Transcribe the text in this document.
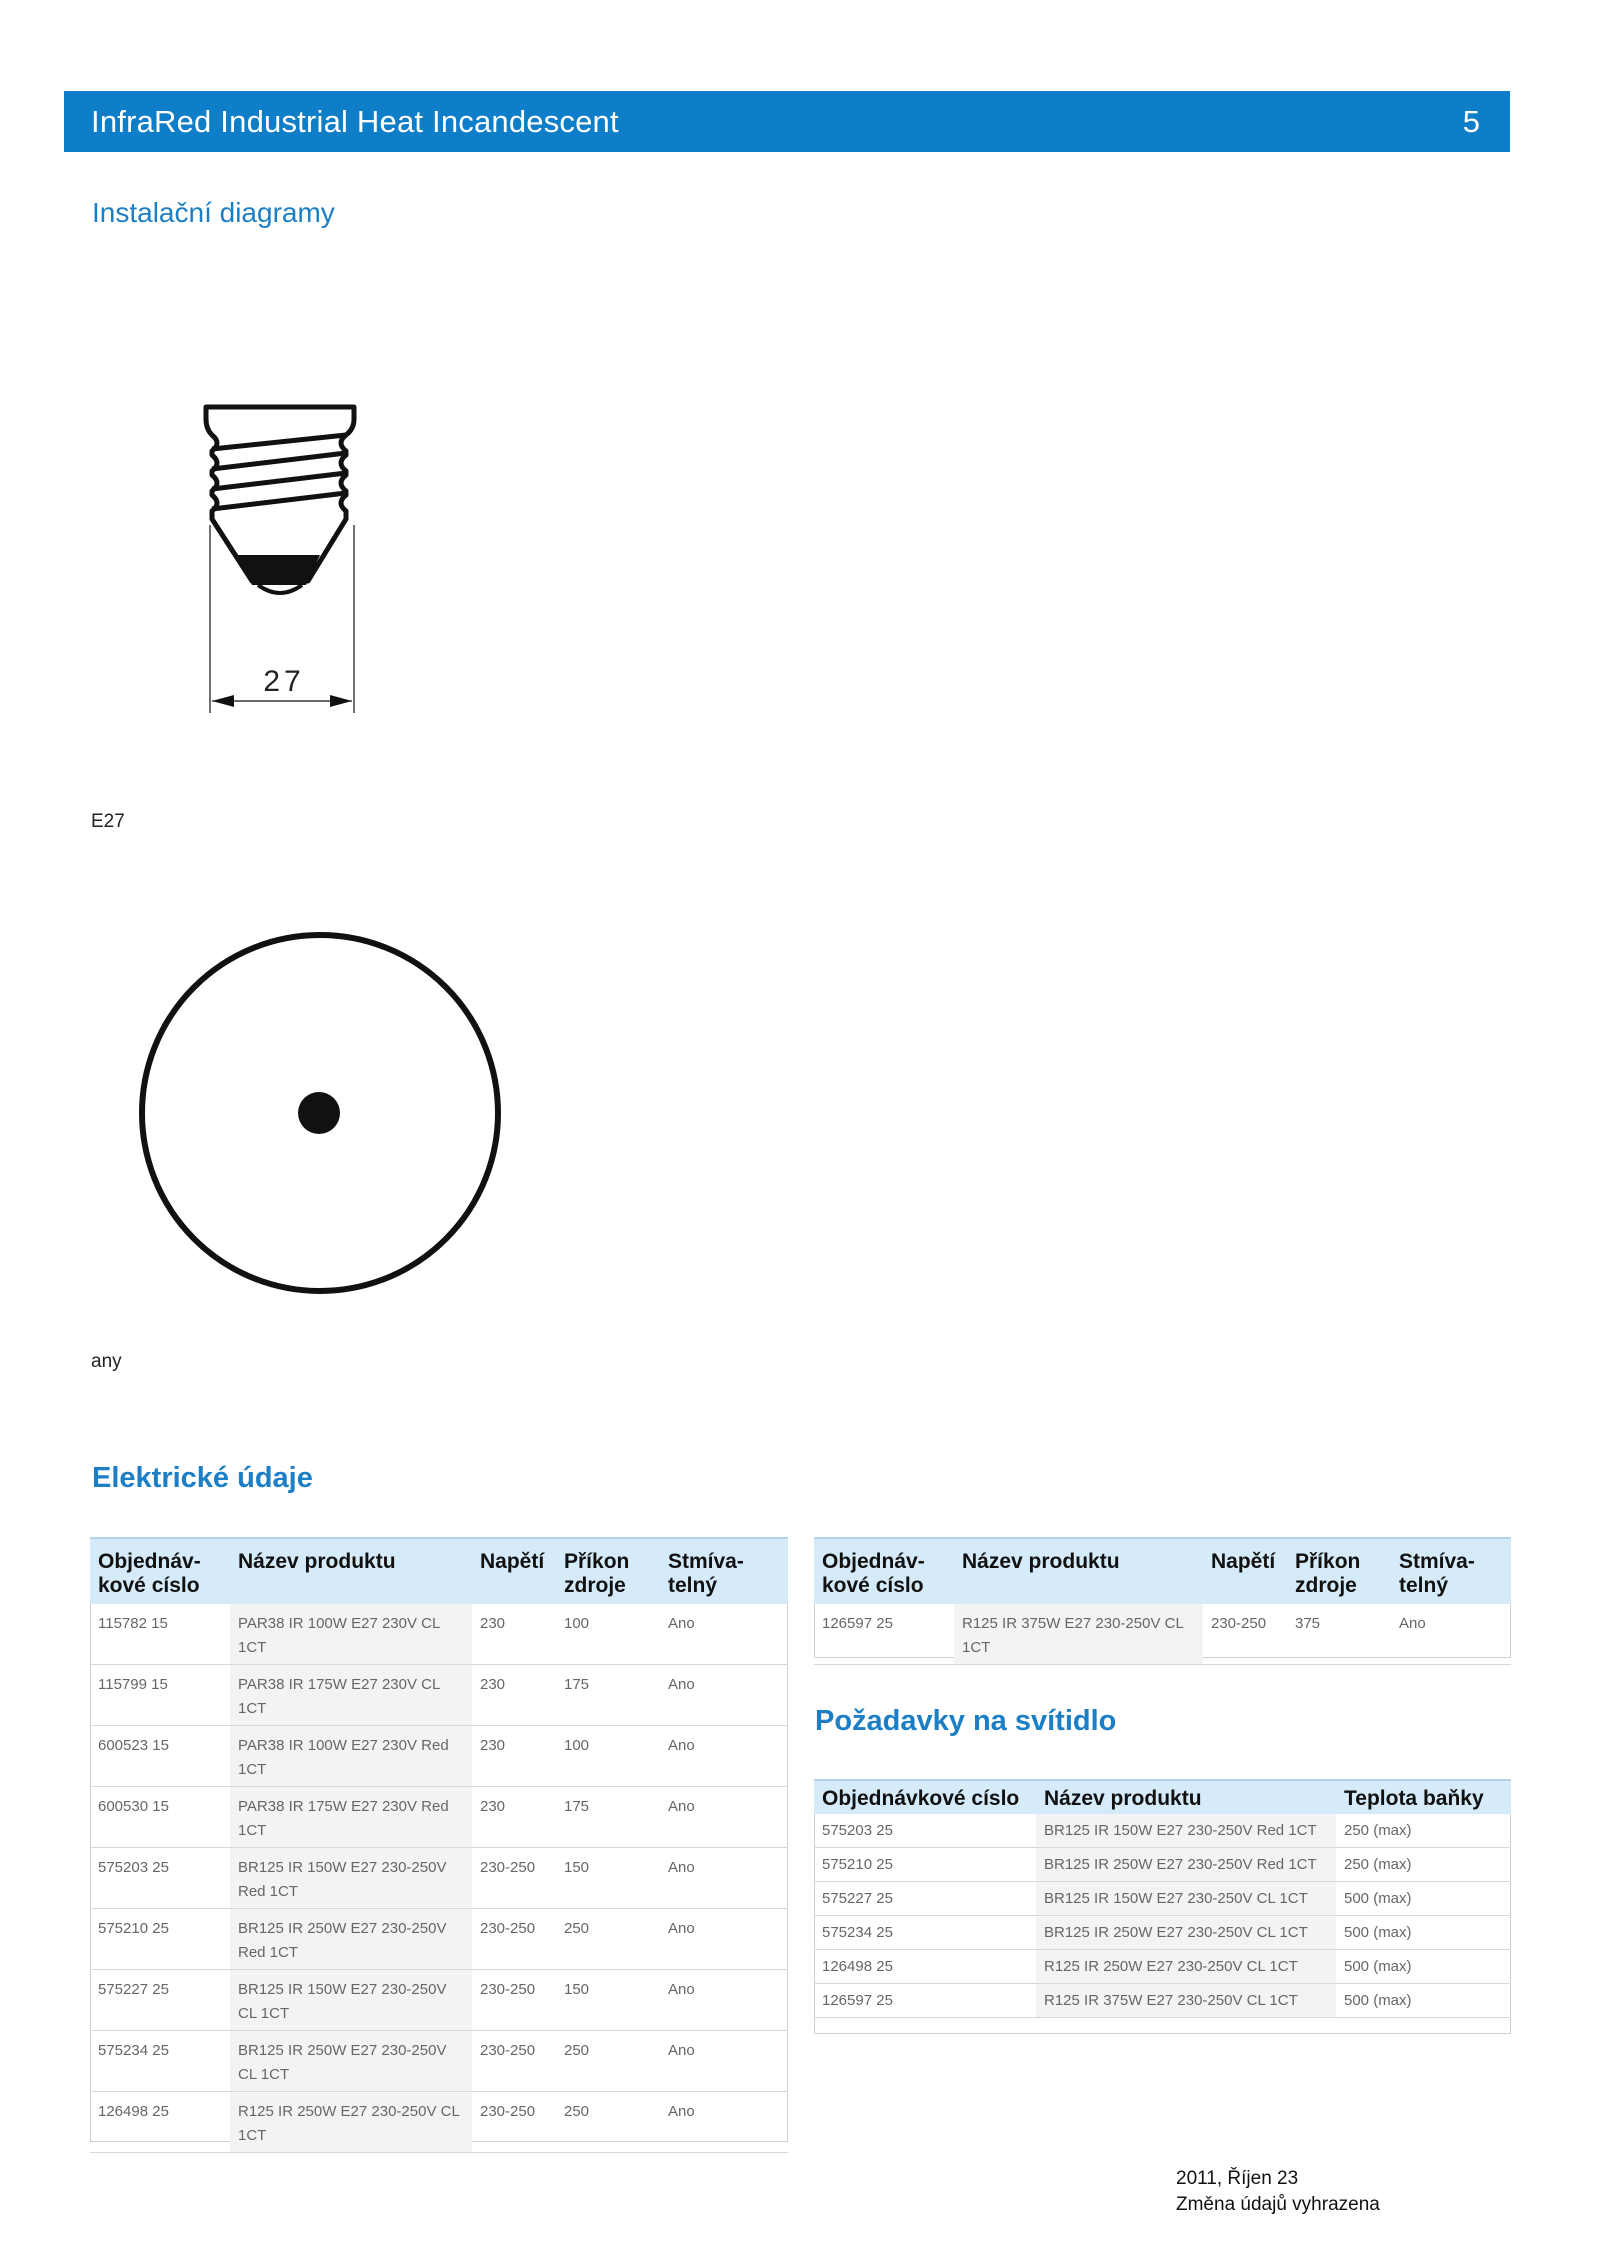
InfraRed Industrial Heat Incandescent	5
Instalační diagramy
27
E27
any
Elektrické údaje
Objednáv-kové císlo	Název produktu	Napětí	Příkon zdroje	Stmíva-telný
115782 15	PAR38 IR 100W E27 230V CL 1CT	230	100	Ano
115799 15	PAR38 IR 175W E27 230V CL 1CT	230	175	Ano
600523 15	PAR38 IR 100W E27 230V Red 1CT	230	100	Ano
600530 15	PAR38 IR 175W E27 230V Red 1CT	230	175	Ano
575203 25	BR125 IR 150W E27 230-250V Red 1CT	230-250	150	Ano
575210 25	BR125 IR 250W E27 230-250V Red 1CT	230-250	250	Ano
575227 25	BR125 IR 150W E27 230-250V CL 1CT	230-250	150	Ano
575234 25	BR125 IR 250W E27 230-250V CL 1CT	230-250	250	Ano
126498 25	R125 IR 250W E27 230-250V CL 1CT	230-250	250	Ano
Objednáv-kové císlo	Název produktu	Napětí	Příkon zdroje	Stmíva-telný
126597 25	R125 IR 375W E27 230-250V CL 1CT	230-250	375	Ano
Požadavky na svítidlo
Objednávkové císlo	Název produktu	Teplota baňky
575203 25	BR125 IR 150W E27 230-250V Red 1CT	250 (max)
575210 25	BR125 IR 250W E27 230-250V Red 1CT	250 (max)
575227 25	BR125 IR 150W E27 230-250V CL 1CT	500 (max)
575234 25	BR125 IR 250W E27 230-250V CL 1CT	500 (max)
126498 25	R125 IR 250W E27 230-250V CL 1CT	500 (max)
126597 25	R125 IR 375W E27 230-250V CL 1CT	500 (max)
2011, Říjen 23
Změna údajů vyhrazena
